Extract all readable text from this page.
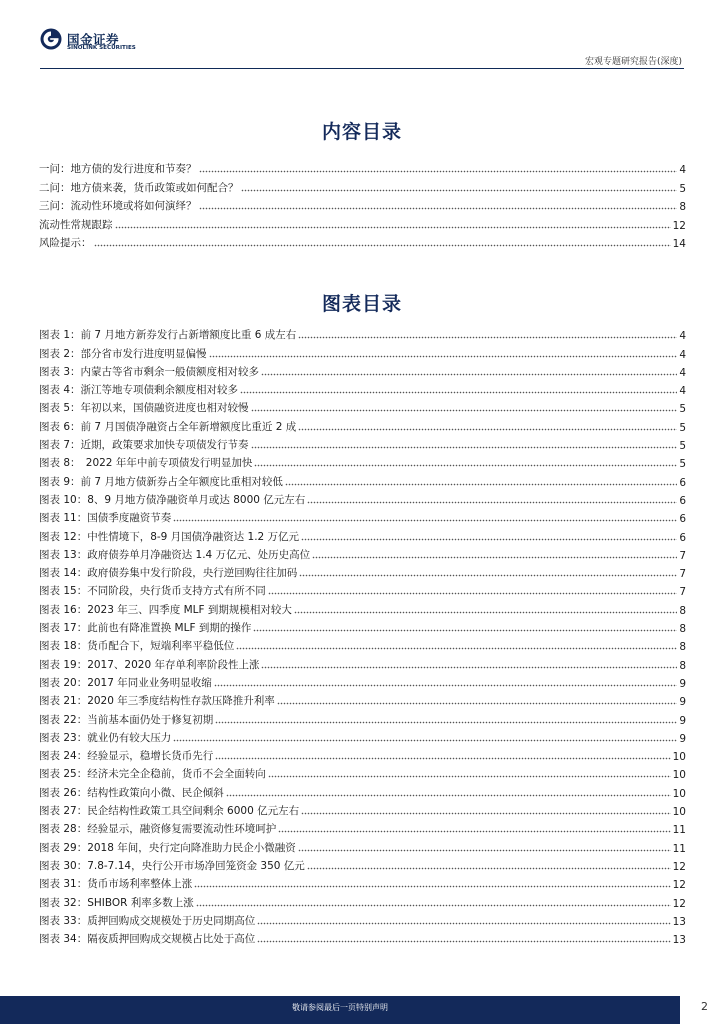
国金证券
SINOLINK SECURITIES
宏观专题研究报告(深度)
内容目录
一问：地方债的发行进度和节奏？	4
二问：地方债来袭，货币政策或如何配合？	5
三问：流动性环境或将如何演绎？	8
流动性常规跟踪	12
风险提示：	14
图表目录
图表 1：前 7 月地方新券发行占新增额度比重 6 成左右	4
图表 2：部分省市发行进度明显偏慢	4
图表 3：内蒙古等省市剩余一般债额度相对较多	4
图表 4：浙江等地专项债剩余额度相对较多	4
图表 5：年初以来，国债融资进度也相对较慢	5
图表 6：前 7 月国债净融资占全年新增额度比重近 2 成	5
图表 7：近期，政策要求加快专项债发行节奏	5
图表 8：　2022 年年中前专项债发行明显加快	5
图表 9：前 7 月地方债新券占全年额度比重相对较低	6
图表 10：8、9 月地方债净融资单月或达 8000 亿元左右	6
图表 11：国债季度融资节奏	6
图表 12：中性情境下，8-9 月国债净融资达 1.2 万亿元	6
图表 13：政府债券单月净融资达 1.4 万亿元、处历史高位	7
图表 14：政府债券集中发行阶段，央行逆回购往往加码	7
图表 15：不同阶段，央行货币支持方式有所不同	7
图表 16：2023 年三、四季度 MLF 到期规模相对较大	8
图表 17：此前也有降准置换 MLF 到期的操作	8
图表 18：货币配合下，短端利率平稳低位	8
图表 19：2017、2020 年存单利率阶段性上涨	8
图表 20：2017 年同业业务明显收缩	9
图表 21：2020 年三季度结构性存款压降推升利率	9
图表 22：当前基本面仍处于修复初期	9
图表 23：就业仍有较大压力	9
图表 24：经验显示，稳增长货币先行	10
图表 25：经济未完全企稳前，货币不会全面转向	10
图表 26：结构性政策向小微、民企倾斜	10
图表 27：民企结构性政策工具空间剩余 6000 亿元左右	10
图表 28：经验显示，融资修复需要流动性环境呵护	11
图表 29：2018 年间，央行定向降准助力民企小微融资	11
图表 30：7.8-7.14，央行公开市场净回笼资金 350 亿元	12
图表 31：货币市场利率整体上涨	12
图表 32：SHIBOR 利率多数上涨	12
图表 33：质押回购成交规模处于历史同期高位	13
图表 34：隔夜质押回购成交规模占比处于高位	13
敬请参阅最后一页特别声明	2
